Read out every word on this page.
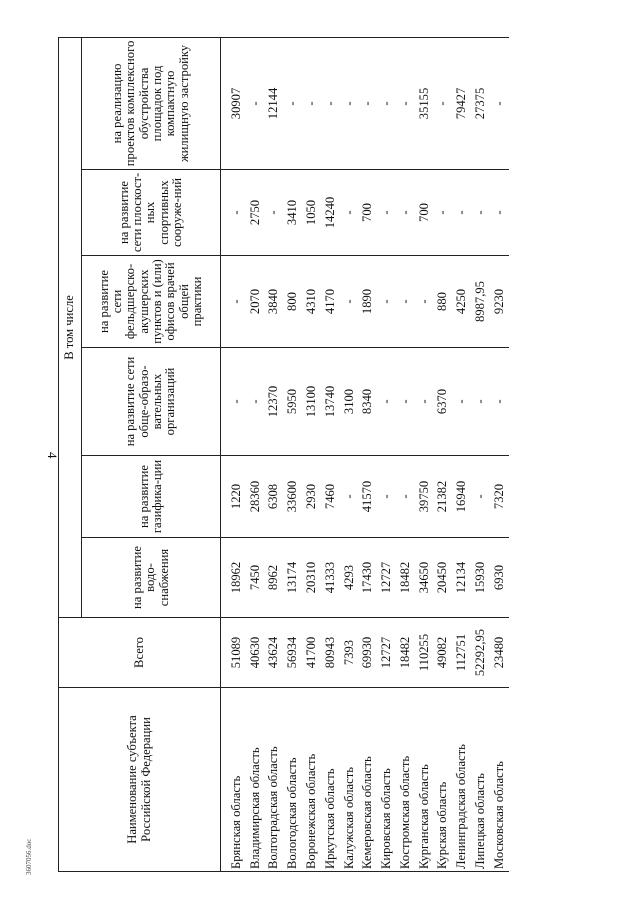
4
3607056.doc
Наименование субъекта Российской Федерации	Всего	В том числе					
		на развитие водо-снабжения	на развитие газифика-ции	на развитие сети обще-образо-вательных организаций	на развитие сети фельдшерско-акушерских пунктов и (или) офисов врачей общей практики	на развитие сети плоскост-ных спортивных сооруже-ний	на реализацию проектов комплексного обустройства площадок под компактную жилищную застройку
Брянская область	51089	18962	1220	-	-	-	30907
Владимирская область	40630	7450	28360	-	2070	2750	-
Волгоградская область	43624	8962	6308	12370	3840	-	12144
Вологодская область	56934	13174	33600	5950	800	3410	-
Воронежская область	41700	20310	2930	13100	4310	1050	-
Иркутская область	80943	41333	7460	13740	4170	14240	-
Калужская область	7393	4293	-	3100	-	-	-
Кемеровская область	69930	17430	41570	8340	1890	700	-
Кировская область	12727	12727	-	-	-	-	-
Костромская область	18482	18482	-	-	-	-	-
Курганская область	110255	34650	39750	-	-	700	35155
Курская область	49082	20450	21382	6370	880	-	-
Ленинградская область	112751	12134	16940	-	4250	-	79427
Липецкая область	52292,95	15930	-	-	8987,95	-	27375
Московская область	23480	6930	7320	-	9230	-	-
